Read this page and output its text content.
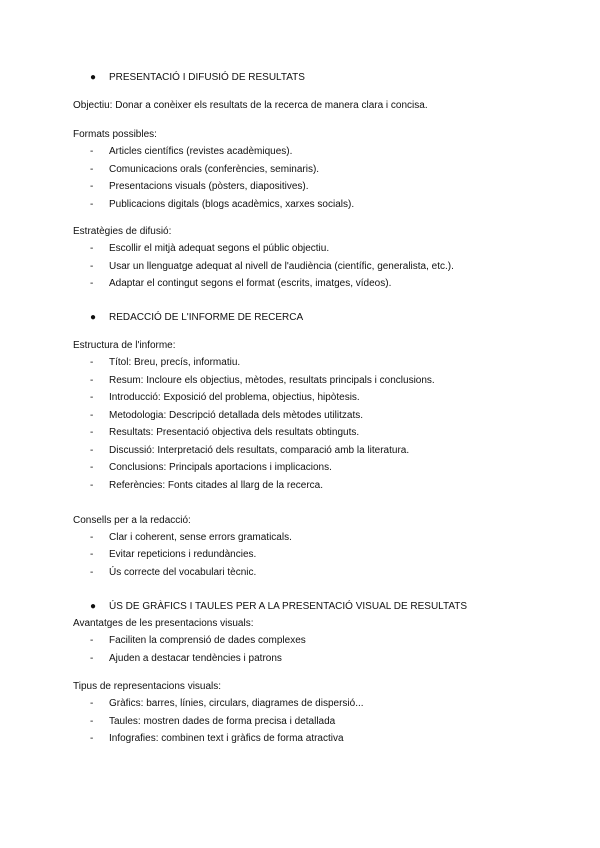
● PRESENTACIÓ I DIFUSIÓ DE RESULTATS
Objectiu: Donar a conèixer els resultats de la recerca de manera clara i concisa.
Formats possibles:
- Articles científics (revistes acadèmiques).
- Comunicacions orals (conferències, seminaris).
- Presentacions visuals (pòsters, diapositives).
- Publicacions digitals (blogs acadèmics, xarxes socials).
Estratègies de difusió:
- Escollir el mitjà adequat segons el públic objectiu.
- Usar un llenguatge adequat al nivell de l'audiència (científic, generalista, etc.).
- Adaptar el contingut segons el format (escrits, imatges, vídeos).
● REDACCIÓ DE L'INFORME DE RECERCA
Estructura de l'informe:
- Títol: Breu, precís, informatiu.
- Resum: Incloure els objectius, mètodes, resultats principals i conclusions.
- Introducció: Exposició del problema, objectius, hipòtesis.
- Metodologia: Descripció detallada dels mètodes utilitzats.
- Resultats: Presentació objectiva dels resultats obtinguts.
- Discussió: Interpretació dels resultats, comparació amb la literatura.
- Conclusions: Principals aportacions i implicacions.
- Referències: Fonts citades al llarg de la recerca.
Consells per a la redacció:
- Clar i coherent, sense errors gramaticals.
- Evitar repeticions i redundàncies.
- Ús correcte del vocabulari tècnic.
● ÚS DE GRÀFICS I TAULES PER A LA PRESENTACIÓ VISUAL DE RESULTATS
Avantatges de les presentacions visuals:
- Faciliten la comprensió de dades complexes
- Ajuden a destacar tendències i patrons
Tipus de representacions visuals:
- Gràfics: barres, línies, circulars, diagrames de dispersió...
- Taules: mostren dades de forma precisa i detallada
- Infografies: combinen text i gràfics de forma atractiva
